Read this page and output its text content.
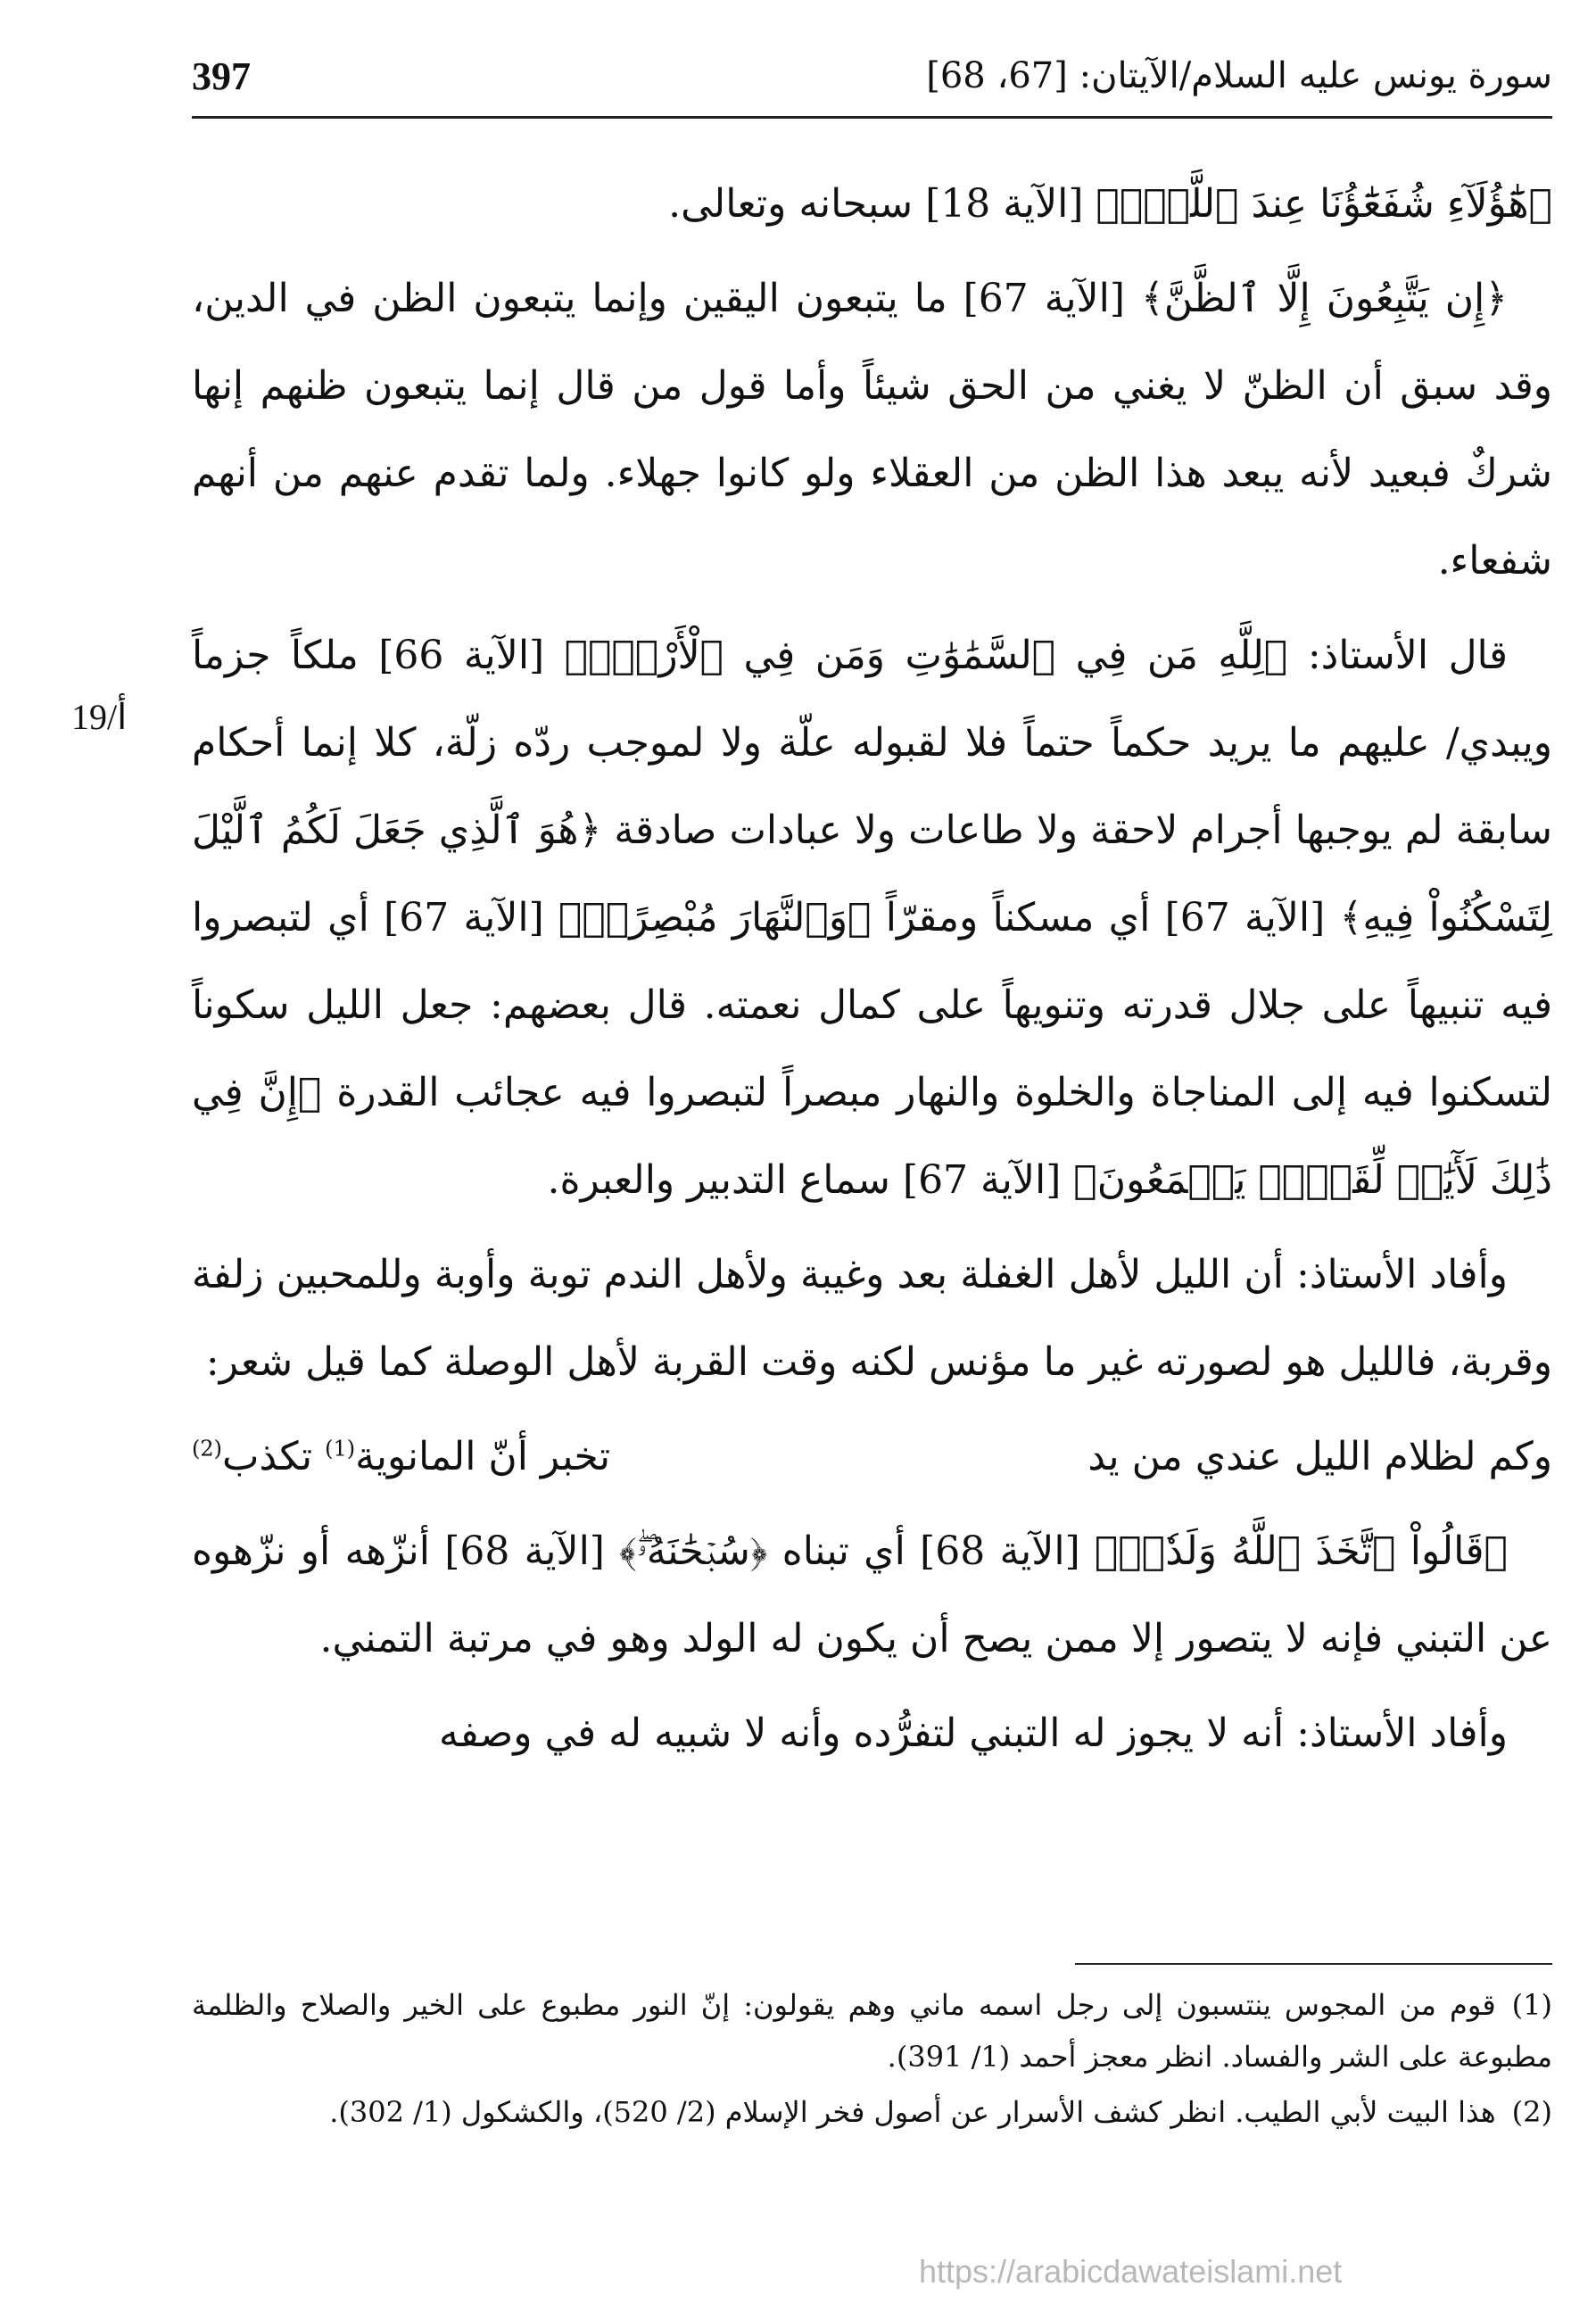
سورة يونس عليه السلام/الآيتان: [67، 68]
397
19/أ

﴿هَٰٓؤُلَآءِ شُفَعَٰٓؤُنَا عِندَ ٱللَّهِۚ﴾ [الآية 18] سبحانه وتعالى.

﴿إِن يَتَّبِعُونَ إِلَّا ٱلظَّنَّ﴾ [الآية 67] ما يتبعون اليقين وإنما يتبعون الظن في الدين، وقد سبق أن الظنّ لا يغني من الحق شيئاً وأما قول من قال إنما يتبعون ظنهم إنها شركٌ فبعيد لأنه يبعد هذا الظن من العقلاء ولو كانوا جهلاء. ولما تقدم عنهم من أنهم شفعاء.

قال الأستاذ: ﴿لِلَّهِ مَن فِي ٱلسَّمَٰوَٰتِ وَمَن فِي ٱلْأَرْضِۗ﴾ [الآية 66] ملكاً جزماً ويبدي/ عليهم ما يريد حكماً حتماً فلا لقبوله علّة ولا لموجب ردّه زلّة، كلا إنما أحكام سابقة لم يوجبها أجرام لاحقة ولا طاعات ولا عبادات صادقة ﴿هُوَ ٱلَّذِي جَعَلَ لَكُمُ ٱلَّيْلَ لِتَسْكُنُواْ فِيهِ﴾ [الآية 67] أي مسكناً ومقرّاً ﴿وَٱلنَّهَارَ مُبْصِرًاۚ﴾ [الآية 67] أي لتبصروا فيه تنبيهاً على جلال قدرته وتنويهاً على كمال نعمته. قال بعضهم: جعل الليل سكوناً لتسكنوا فيه إلى المناجاة والخلوة والنهار مبصراً لتبصروا فيه عجائب القدرة ﴿إِنَّ فِي ذَٰلِكَ لَأٓيَٰتٖ لِّقَوۡمٖ يَسۡمَعُونَ﴾ [الآية 67] سماع التدبير والعبرة.

وأفاد الأستاذ: أن الليل لأهل الغفلة بعد وغيبة ولأهل الندم توبة وأوبة وللمحبين زلفة وقربة، فالليل هو لصورته غير ما مؤنس لكنه وقت القربة لأهل الوصلة كما قيل شعر:

وكم لظلام الليل عندي من يد
تخبر أنّ المانوية$^{(1)}$ تكذب$^{(2)}$

﴿قَالُواْ ٱتَّخَذَ ٱللَّهُ وَلَدٗاۗ﴾ [الآية 68] أي تبناه ﴿سُبۡحَٰنَهُۥۖ﴾ [الآية 68] أنزّهه أو نزّهوه عن التبني فإنه لا يتصور إلا ممن يصح أن يكون له الولد وهو في مرتبة التمني.

وأفاد الأستاذ: أنه لا يجوز له التبني لتفرُّده وأنه لا شبيه له في وصفه

(1)قوم من المجوس ينتسبون إلى رجل اسمه ماني وهم يقولون: إنّ النور مطبوع على الخير والصلاح والظلمة مطبوعة على الشر والفساد. انظر معجز أحمد (1/ 391).

(2)هذا البيت لأبي الطيب. انظر كشف الأسرار عن أصول فخر الإسلام (2/ 520)، والكشكول (1/ 302).

https://arabicdawateislami.net
